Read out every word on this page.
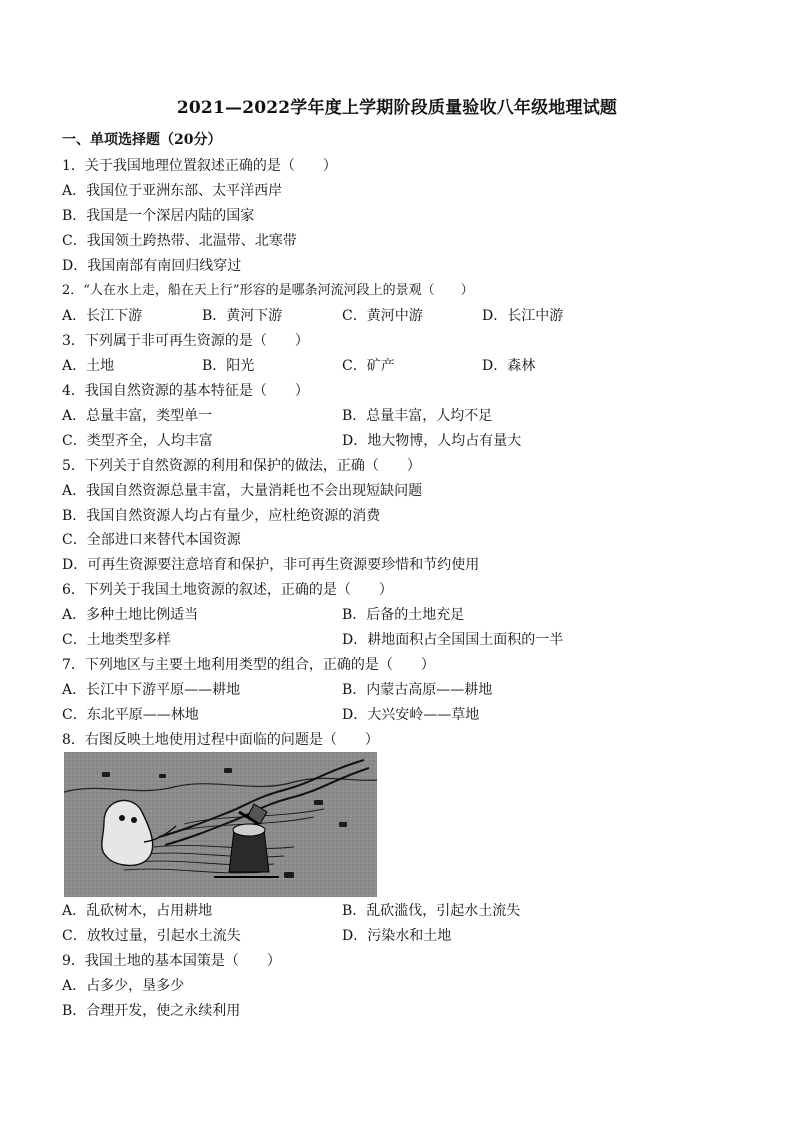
2021—2022学年度上学期阶段质量验收八年级地理试题
一、单项选择题（20分）
1．关于我国地理位置叙述正确的是（　　）
A．我国位于亚洲东部、太平洋西岸
B．我国是一个深居内陆的国家
C．我国领土跨热带、北温带、北寒带
D．我国南部有南回归线穿过
2．“人在水上走，船在天上行”形容的是哪条河流河段上的景观（　　）
A．长江下游	B．黄河下游	C．黄河中游	D．长江中游
3．下列属于非可再生资源的是（　　）
A．土地	B．阳光	C．矿产	D．森林
4．我国自然资源的基本特征是（　　）
A．总量丰富，类型单一	B．总量丰富，人均不足
C．类型齐全，人均丰富	D．地大物博，人均占有量大
5．下列关于自然资源的利用和保护的做法，正确（　　）
A．我国自然资源总量丰富，大量消耗也不会出现短缺问题
B．我国自然资源人均占有量少，应杜绝资源的消费
C．全部进口来替代本国资源
D．可再生资源要注意培育和保护，非可再生资源要珍惜和节约使用
6．下列关于我国土地资源的叙述，正确的是（　　）
A．多种土地比例适当	B．后备的土地充足
C．土地类型多样	D．耕地面积占全国国土面积的一半
7．下列地区与主要土地利用类型的组合，正确的是（　　）
A．长江中下游平原——耕地	B．内蒙古高原——耕地
C．东北平原——林地	D．大兴安岭——草地
8．右图反映土地使用过程中面临的问题是（　　）
A．乱砍树木，占用耕地	B．乱砍滥伐，引起水土流失
C．放牧过量，引起水土流失	D．污染水和土地
9．我国土地的基本国策是（　　）
A．占多少，垦多少
B．合理开发，使之永续利用
